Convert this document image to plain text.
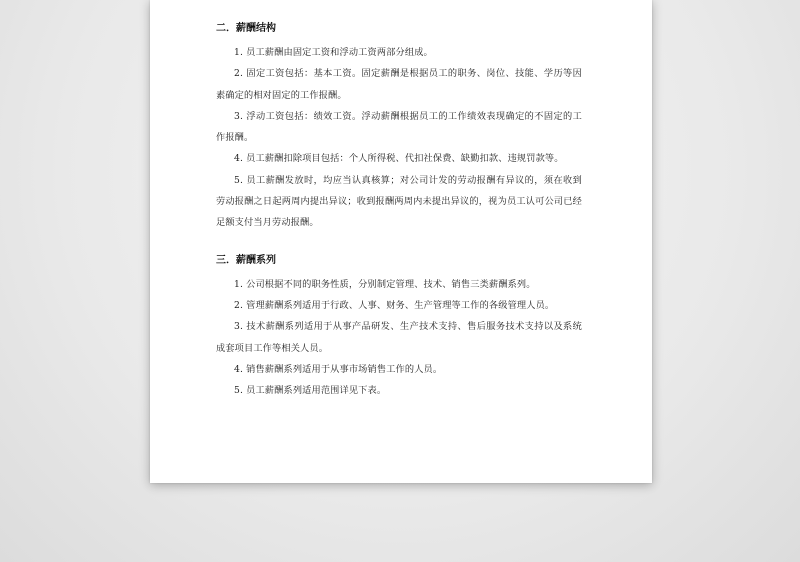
二．薪酬结构

1. 员工薪酬由固定工资和浮动工资两部分组成。

2. 固定工资包括：基本工资。固定薪酬是根据员工的职务、岗位、技能、学历等因素确定的相对固定的工作报酬。

3. 浮动工资包括：绩效工资。浮动薪酬根据员工的工作绩效表现确定的不固定的工作报酬。

4. 员工薪酬扣除项目包括：个人所得税、代扣社保费、缺勤扣款、违规罚款等。

5. 员工薪酬发放时，均应当认真核算；对公司计发的劳动报酬有异议的，须在收到劳动报酬之日起两周内提出异议；收到报酬两周内未提出异议的，视为员工认可公司已经足额支付当月劳动报酬。

三．薪酬系列

1. 公司根据不同的职务性质，分别制定管理、技术、销售三类薪酬系列。

2. 管理薪酬系列适用于行政、人事、财务、生产管理等工作的各级管理人员。

3. 技术薪酬系列适用于从事产品研发、生产技术支持、售后服务技术支持以及系统成套项目工作等相关人员。

4. 销售薪酬系列适用于从事市场销售工作的人员。

5. 员工薪酬系列适用范围详见下表。
